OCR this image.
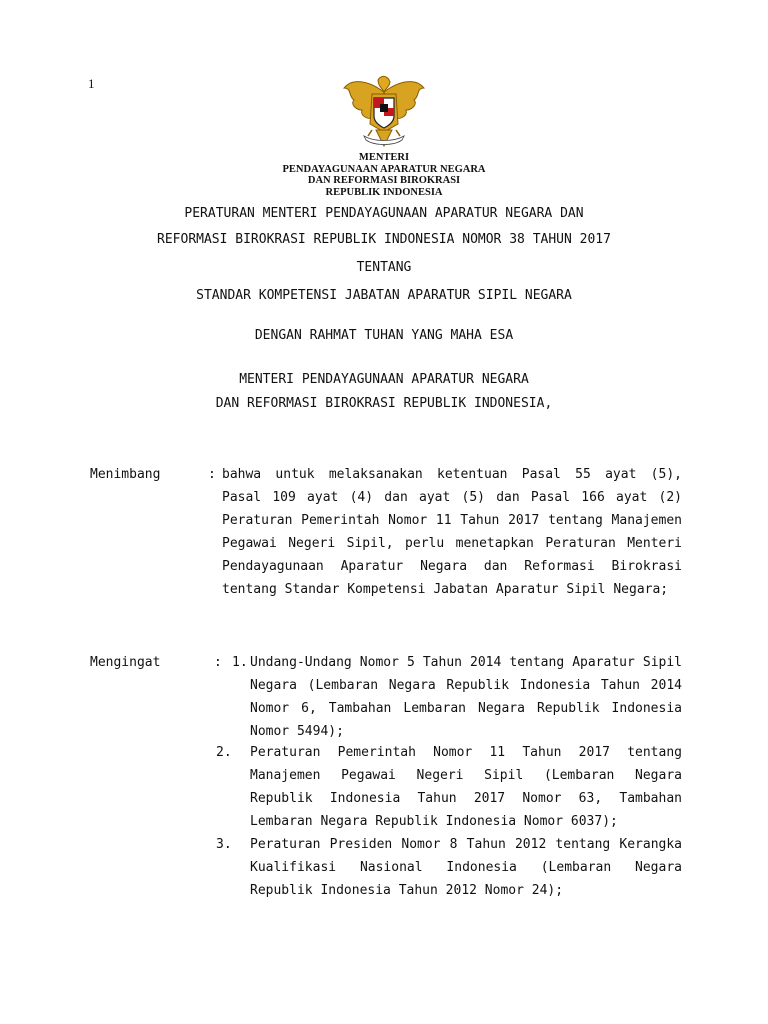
1
MENTERI
PENDAYAGUNAAN APARATUR NEGARA
DAN REFORMASI BIROKRASI
REPUBLIK INDONESIA
PERATURAN MENTERI PENDAYAGUNAAN APARATUR NEGARA DAN
REFORMASI BIROKRASI REPUBLIK INDONESIA NOMOR 38 TAHUN 2017
TENTANG
STANDAR KOMPETENSI JABATAN APARATUR SIPIL NEGARA
DENGAN RAHMAT TUHAN YANG MAHA ESA
MENTERI PENDAYAGUNAAN APARATUR NEGARA
DAN REFORMASI BIROKRASI REPUBLIK INDONESIA,
Menimbang	: bahwa untuk melaksanakan ketentuan Pasal 55 ayat (5), Pasal 109 ayat (4) dan ayat (5) dan Pasal 166 ayat (2) Peraturan Pemerintah Nomor 11 Tahun 2017 tentang Manajemen Pegawai Negeri Sipil, perlu menetapkan Peraturan Menteri Pendayagunaan Aparatur Negara dan Reformasi Birokrasi tentang Standar Kompetensi Jabatan Aparatur Sipil Negara;
Mengingat	: 1. Undang-Undang Nomor 5 Tahun 2014 tentang Aparatur Sipil Negara (Lembaran Negara Republik Indonesia Tahun 2014 Nomor 6, Tambahan Lembaran Negara Republik Indonesia Nomor 5494);
2. Peraturan Pemerintah Nomor 11 Tahun 2017 tentang Manajemen Pegawai Negeri Sipil (Lembaran Negara Republik Indonesia Tahun 2017 Nomor 63, Tambahan Lembaran Negara Republik Indonesia Nomor 6037);
3. Peraturan Presiden Nomor 8 Tahun 2012 tentang Kerangka Kualifikasi Nasional Indonesia (Lembaran Negara Republik Indonesia Tahun 2012 Nomor 24);
